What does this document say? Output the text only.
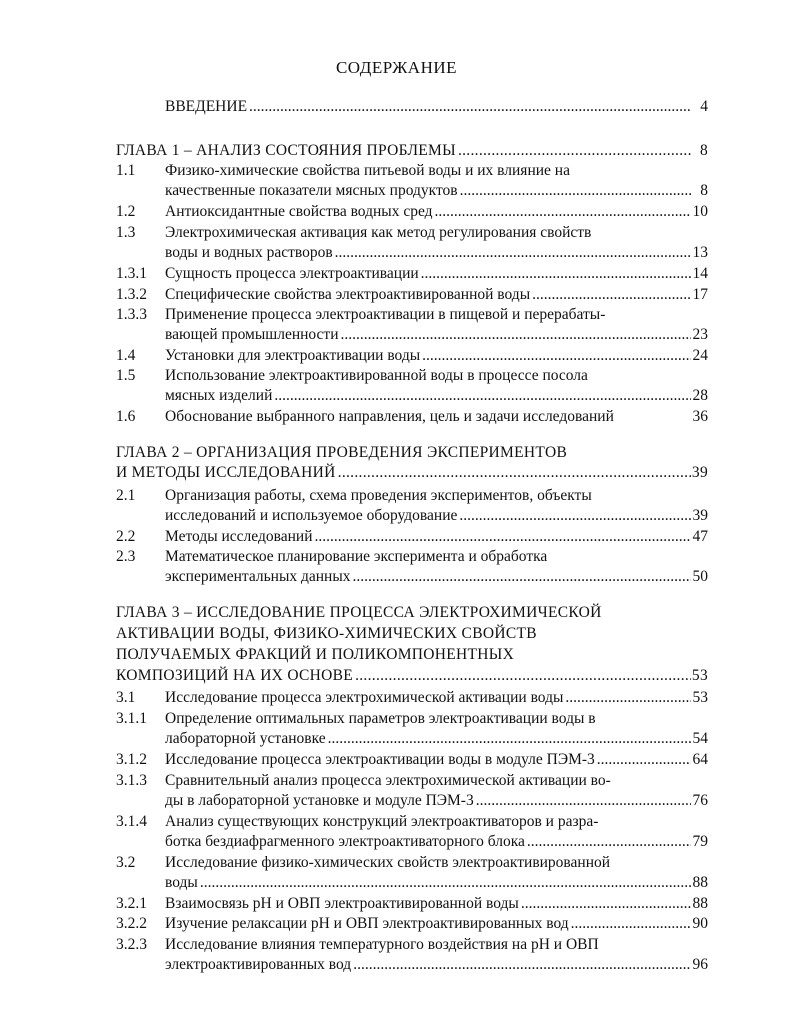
СОДЕРЖАНИЕ
ВВЕДЕНИЕ .....	4
ГЛАВА 1 – АНАЛИЗ СОСТОЯНИЯ ПРОБЛЕМЫ .....	8
1.1 Физико-химические свойства питьевой воды и их влияние на
качественные показатели мясных продуктов .....	8
1.2 Антиоксидантные свойства водных сред .....	10
1.3 Электрохимическая активация как метод регулирования свойств
воды и водных растворов .....	13
1.3.1 Сущность процесса электроактивации .....	14
1.3.2 Специфические свойства электроактивированной воды .....	17
1.3.3 Применение процесса электроактивации в пищевой и перерабаты-
вающей промышленности .....	23
1.4 Установки для электроактивации воды .....	24
1.5 Использование электроактивированной воды в процессе посола
мясных изделий .....	28
1.6 Обоснование выбранного направления, цель и задачи исследований	36
ГЛАВА 2 – ОРГАНИЗАЦИЯ ПРОВЕДЕНИЯ ЭКСПЕРИМЕНТОВ
И МЕТОДЫ ИССЛЕДОВАНИЙ .....	39
2.1 Организация работы, схема проведения экспериментов, объекты
исследований и используемое оборудование .....	39
2.2 Методы исследований .....	47
2.3 Математическое планирование эксперимента и обработка
экспериментальных данных .....	50
ГЛАВА 3 – ИССЛЕДОВАНИЕ ПРОЦЕССА ЭЛЕКТРОХИМИЧЕСКОЙ
АКТИВАЦИИ ВОДЫ, ФИЗИКО-ХИМИЧЕСКИХ СВОЙСТВ
ПОЛУЧАЕМЫХ ФРАКЦИЙ И ПОЛИКОМПОНЕНТНЫХ
КОМПОЗИЦИЙ НА ИХ ОСНОВЕ .....	53
3.1 Исследование процесса электрохимической активации воды .....	53
3.1.1 Определение оптимальных параметров электроактивации воды в
лабораторной установке .....	54
3.1.2 Исследование процесса электроактивации воды в модуле ПЭМ-3 .....	64
3.1.3 Сравнительный анализ процесса электрохимической активации во-
ды в лабораторной установке и модуле ПЭМ-3 .....	76
3.1.4 Анализ существующих конструкций электроактиваторов и разра-
ботка бездиафрагменного электроактиваторного блока .....	79
3.2 Исследование физико-химических свойств электроактивированной
воды .....	88
3.2.1 Взаимосвязь рН и ОВП электроактивированной воды .....	88
3.2.2 Изучение релаксации рН и ОВП электроактивированных вод .....	90
3.2.3 Исследование влияния температурного воздействия на рН и ОВП
электроактивированных вод .....	96
